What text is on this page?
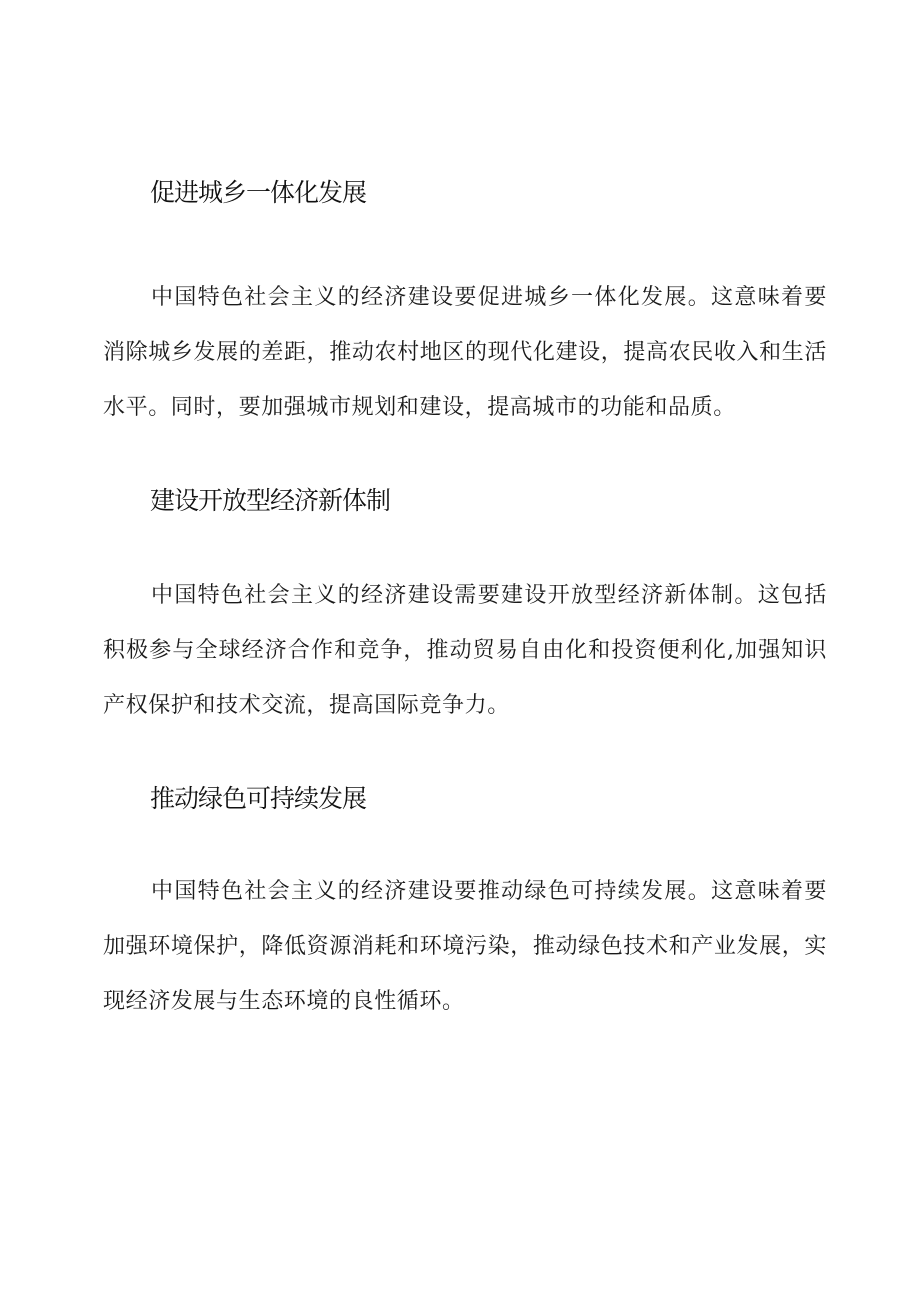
促进城乡一体化发展

中国特色社会主义的经济建设要促进城乡一体化发展。这意味着要消除城乡发展的差距，推动农村地区的现代化建设，提高农民收入和生活水平。同时，要加强城市规划和建设，提高城市的功能和品质。

建设开放型经济新体制

中国特色社会主义的经济建设需要建设开放型经济新体制。这包括积极参与全球经济合作和竞争，推动贸易自由化和投资便利化,加强知识产权保护和技术交流，提高国际竞争力。

推动绿色可持续发展

中国特色社会主义的经济建设要推动绿色可持续发展。这意味着要加强环境保护，降低资源消耗和环境污染，推动绿色技术和产业发展，实现经济发展与生态环境的良性循环。
